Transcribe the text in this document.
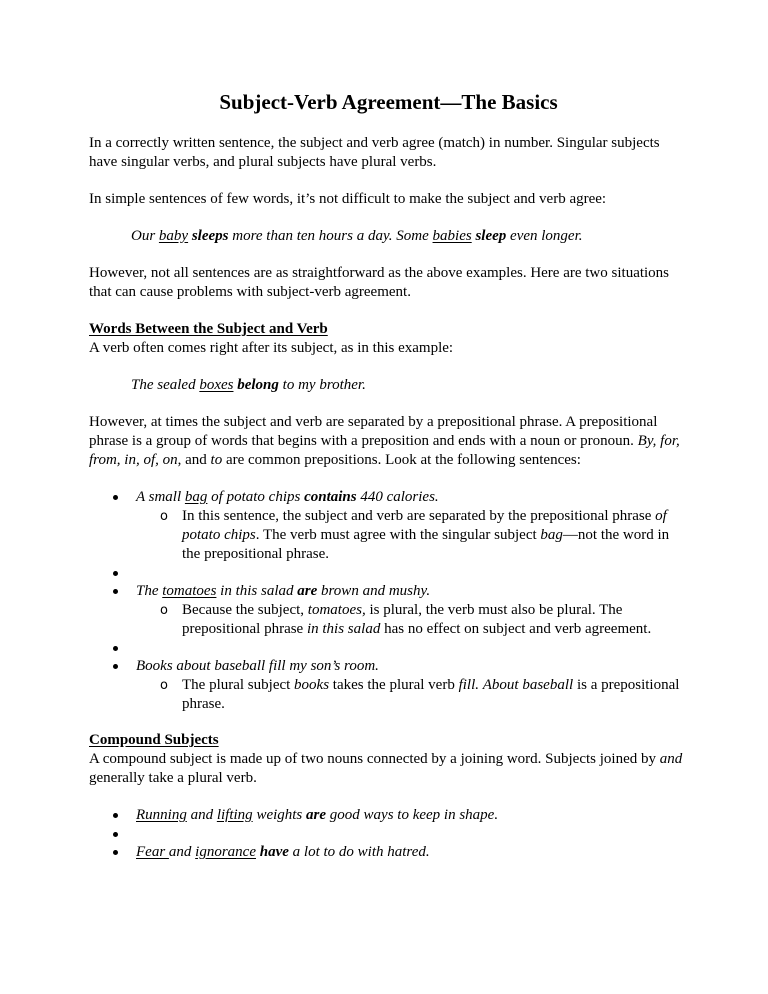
Subject-Verb Agreement—The Basics

In a correctly written sentence, the subject and verb agree (match) in number. Singular subjects have singular verbs, and plural subjects have plural verbs.

In simple sentences of few words, it’s not difficult to make the subject and verb agree:

Our baby sleeps more than ten hours a day. Some babies sleep even longer.

However, not all sentences are as straightforward as the above examples. Here are two situations that can cause problems with subject-verb agreement.

Words Between the Subject and Verb

A verb often comes right after its subject, as in this example:

The sealed boxes belong to my brother.

However, at times the subject and verb are separated by a prepositional phrase. A prepositional phrase is a group of words that begins with a preposition and ends with a noun or pronoun. By, for, from, in, of, on, and to are common prepositions. Look at the following sentences:

A small bag of potato chips contains 440 calories.
o In this sentence, the subject and verb are separated by the prepositional phrase of potato chips. The verb must agree with the singular subject bag—not the word in the prepositional phrase.
The tomatoes in this salad are brown and mushy.
o Because the subject, tomatoes, is plural, the verb must also be plural. The prepositional phrase in this salad has no effect on subject and verb agreement.
Books about baseball fill my son’s room.
o The plural subject books takes the plural verb fill. About baseball is a prepositional phrase.

Compound Subjects

A compound subject is made up of two nouns connected by a joining word. Subjects joined by and generally take a plural verb.

Running and lifting weights are good ways to keep in shape.
Fear and ignorance have a lot to do with hatred.
